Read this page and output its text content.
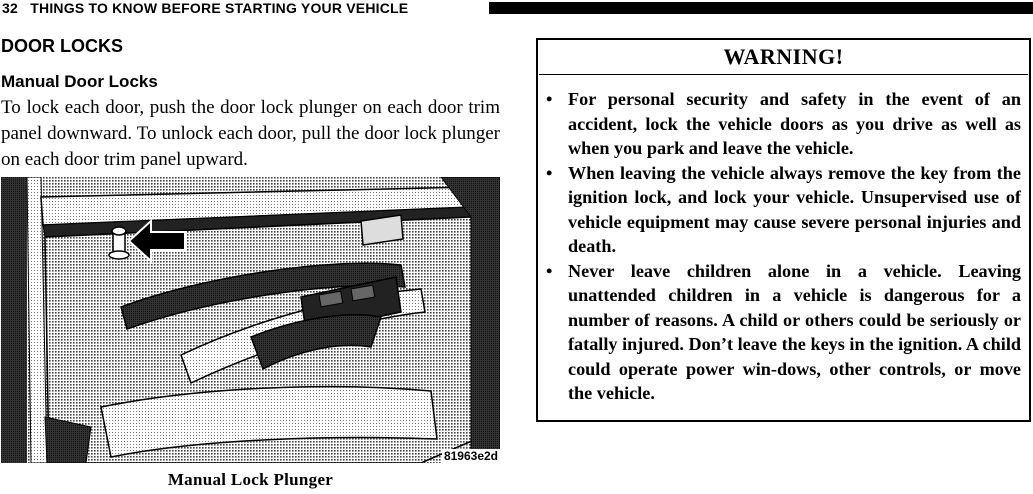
32 THINGS TO KNOW BEFORE STARTING YOUR VEHICLE
DOOR LOCKS
Manual Door Locks

To lock each door, push the door lock plunger on each door trim panel downward. To unlock each door, pull the door lock plunger on each door trim panel upward.

81963e2d
Manual Lock Plunger
WARNING!
• For personal security and safety in the event of an accident, lock the vehicle doors as you drive as well as when you park and leave the vehicle.
• When leaving the vehicle always remove the key from the ignition lock, and lock your vehicle. Unsupervised use of vehicle equipment may cause severe personal injuries and death.
• Never leave children alone in a vehicle. Leaving unattended children in a vehicle is dangerous for a number of reasons. A child or others could be seriously or fatally injured. Don’t leave the keys in the ignition. A child could operate power win-dows, other controls, or move the vehicle.
